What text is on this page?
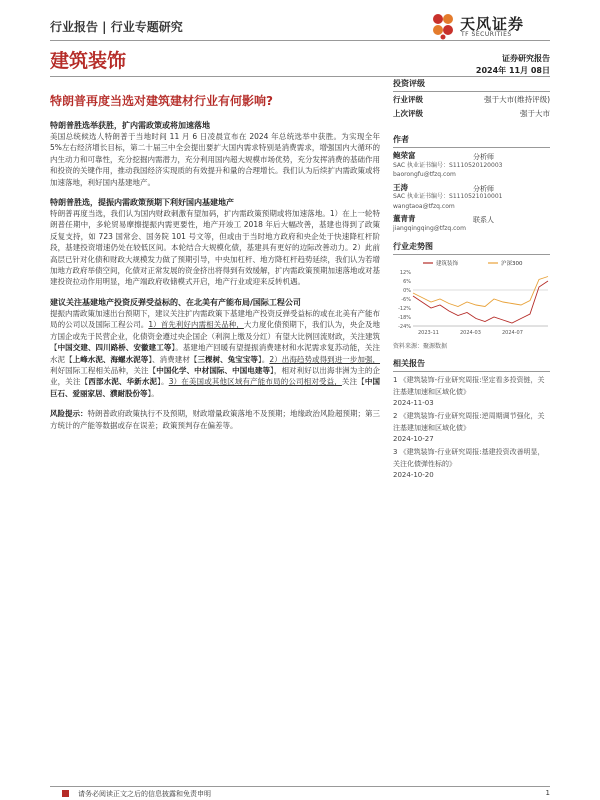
行业报告 | 行业专题研究	天风证券
TF SECURITIES
建筑装饰	证券研究报告
2024年 11月 08日
特朗普再度当选对建筑建材行业有何影响?
特朗普胜选举获胜，扩内需政策或将加速落地
美国总统候选人特朗普于当地时间 11 月 6 日凌晨宣布在 2024 年总统选举中获胜。为实现全年 5%左右经济增长目标，第二十届三中全会提出要扩大国内需求特别是消费需求，增强国内大循环的内生动力和可靠性，充分挖掘内需潜力，充分利用国内超大规模市场优势，充分发挥消费的基础作用和投资的关键作用，推动我国经济实现质的有效提升和量的合理增长。我们认为后续扩内需政策或将加速落地，利好国内基建地产。
特朗普胜选，提振内需政策预期下利好国内基建地产
特朗普再度当选，我们认为国内财政刺激有望加码，扩内需政策预期或将加速落地。1）在上一轮特朗普任期中，多轮贸易摩擦提振内需更要性，地产开竣工 2018 年后大幅改善，基建也得到了政策反复支持，如 723 国常会、国务院 101 号文等，但或由于当时地方政府和央企处于快速降杠杆阶段，基建投资增速仍处在较低区间。本轮结合大规模化债，基建具有更好的边际改善动力。2）此前高层已针对化债和财政大规模发力做了预期引导，中央加杠杆、地方降杠杆趋势延续，我们认为若增加地方政府举债空间，化债对正常发展的资金挤出将得到有效缓解，扩内需政策预期加速落地或对基建投资拉动作用明显，地产端政府收储模式开启，地产行业或迎来反转机遇。
建议关注基建地产投资反弹受益标的、在北美有产能布局/国际工程公司
提振内需政策加速出台预期下，建议关注扩内需政策下基建地产投资反弹受益标的或在北美有产能布局的公司以及国际工程公司。1）首先利好内需相关品种，大力度化债预期下，我们认为，央企及地方国企或先于民营企业，化债资金遵过央企国企（利润上缴及分红）有望大比例回流财政，关注建筑【中国交建、四川路桥、安徽建工等】。基建地产回暖有望提振消费建材和水泥需求复苏动能，关注水泥【上峰水泥、海螺水泥等】、消费建材【三棵树、兔宝宝等】。2）出海趋势或得到进一步加强，利好国际工程相关品种，关注【中国化学、中材国际、中国电建等】，相对利好以出海非洲为主的企业，关注【西部水泥、华新水泥】。3）在美国或其他区域有产能布局的公司相对受益，关注【中国巨石、爱丽家居、濮耐股份等】。
风险提示：特朗普政府政策执行不及预期，财政增量政策落地不及预期；地缘政治风险超预期；第三方统计的产能等数据或存在误差；政策预判存在偏差等。
投资评级
行业评级	强于大市(维持评级)
上次评级	强于大市
作者
鲍荣富	分析师
SAC 执业证书编号：S1110520120003
baorongfu@tfzq.com
王涛	分析师
SAC 执业证书编号：S1110521010001
wangtaoa@tfzq.com
董青青	联系人
jiangqingqing@tfzq.com
行业走势图
建筑装饰	沪深300
12%
6%
0%
-6%
-12%
-18%
-24%
2023-11	2024-03	2024-07
资料来源：聚源数据
相关报告
1 《建筑装饰-行业研究周报:坚定看多投资链，关注基建加速和区域化债》
2024-11-03
2 《建筑装饰-行业研究周报:逆周期调节强化，关注基建加速和区域化债》
2024-10-27
3 《建筑装饰-行业研究周报:基建投资改善明显，关注化债弹性标的》
2024-10-20
请务必阅读正文之后的信息披露和免责申明	1
